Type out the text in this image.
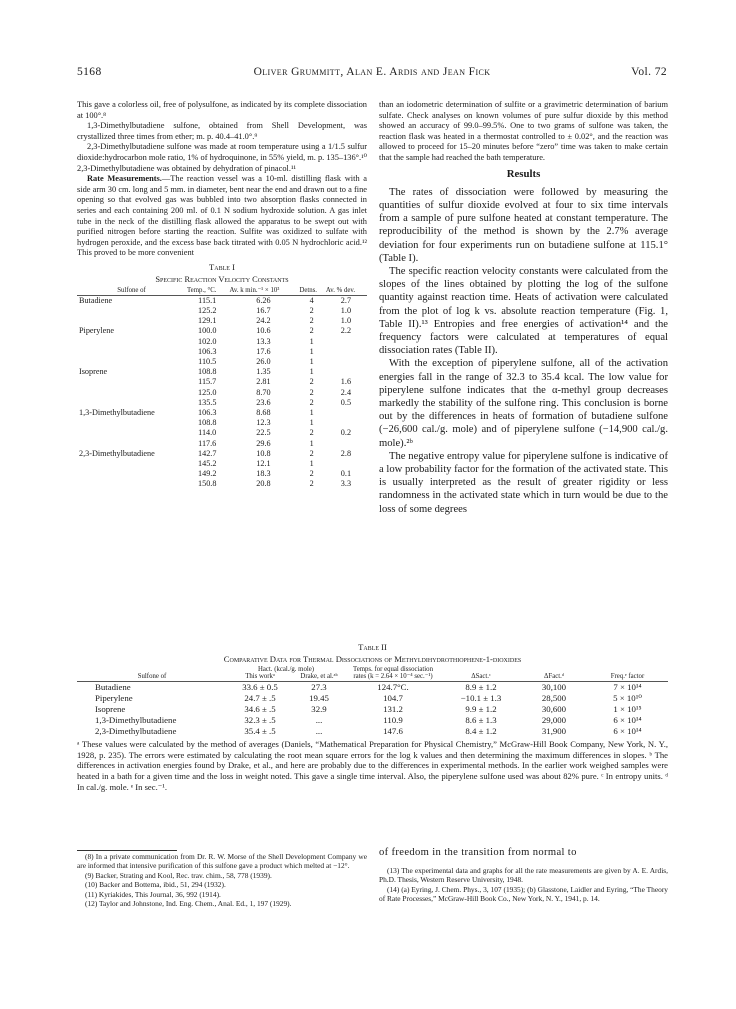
5168	Oliver Grummitt, Alan E. Ardis and Jean Fick	Vol. 72

This gave a colorless oil, free of polysulfone, as indicated by its complete dissociation at 100°.⁸

1,3-Dimethylbutadiene sulfone, obtained from Shell Development, was crystallized three times from ether; m. p. 40.4–41.0°.⁹

2,3-Dimethylbutadiene sulfone was made at room temperature using a 1/1.5 sulfur dioxide:hydrocarbon mole ratio, 1% of hydroquinone, in 55% yield, m. p. 135–136°.¹⁰ 2,3-Dimethylbutadiene was obtained by dehydration of pinacol.¹¹

Rate Measurements.—The reaction vessel was a 10-ml. distilling flask with a side arm 30 cm. long and 5 mm. in diameter, bent near the end and drawn out to a fine opening so that evolved gas was bubbled into two absorption flasks connected in series and each containing 200 ml. of 0.1 N sodium hydroxide solution. A gas inlet tube in the neck of the distilling flask allowed the apparatus to be swept out with purified nitrogen before starting the reaction. Sulfite was oxidized to sulfate with hydrogen peroxide, and the excess base back titrated with 0.05 N hydrochloric acid.¹² This proved to be more convenient

Table I
Specific Reaction Velocity Constants
Sulfone of	Temp., °C.	Av. k min.⁻¹ × 10³	Detns.	Av. % dev.
Butadiene	115.1	6.26	4	2.7
	125.2	16.7	2	1.0
	129.1	24.2	2	1.0
Piperylene	100.0	10.6	2	2.2
	102.0	13.3	1	
	106.3	17.6	1	
	110.5	26.0	1	
Isoprene	108.8	1.35	1	
	115.7	2.81	2	1.6
	125.0	8.70	2	2.4
	135.5	23.6	2	0.5
1,3-Dimethylbutadiene	106.3	8.68	1	
	108.8	12.3	1	
	114.0	22.5	2	0.2
	117.6	29.6	1	
2,3-Dimethylbutadiene	142.7	10.8	2	2.8
	145.2	12.1	1	
	149.2	18.3	2	0.1
	150.8	20.8	2	3.3

than an iodometric determination of sulfite or a gravimetric determination of barium sulfate. Check analyses on known volumes of pure sulfur dioxide by this method showed an accuracy of 99.0–99.5%. One to two grams of sulfone was taken, the reaction flask was heated in a thermostat controlled to ± 0.02°, and the reaction was allowed to proceed for 15–20 minutes before “zero” time was taken to make certain that the sample had reached the bath temperature.

Results

The rates of dissociation were followed by measuring the quantities of sulfur dioxide evolved at four to six time intervals from a sample of pure sulfone heated at constant temperature. The reproducibility of the method is shown by the 2.7% average deviation for four experiments run on butadiene sulfone at 115.1° (Table I).

The specific reaction velocity constants were calculated from the slopes of the lines obtained by plotting the log of the sulfone quantity against reaction time. Heats of activation were calculated from the plot of log k vs. absolute reaction temperature (Fig. 1, Table II).¹³ Entropies and free energies of activation¹⁴ and the frequency factors were calculated at temperatures of equal dissociation rates (Table II).

With the exception of piperylene sulfone, all of the activation energies fall in the range of 32.3 to 35.4 kcal. The low value for piperylene sulfone indicates that the α-methyl group decreases markedly the stability of the sulfone ring. This conclusion is borne out by the differences in heats of formation of butadiene sulfone (−26,600 cal./g. mole) and of piperylene sulfone (−14,900 cal./g. mole).²ᵇ

The negative entropy value for piperylene sulfone is indicative of a low probability factor for the formation of the activated state. This is usually interpreted as the result of greater rigidity or less randomness in the activated state which in turn would be due to the loss of some degrees

Table II
Comparative Data for Thermal Dissociations of Methyldihydrothiophene-1-dioxides
	Hact. (kcal./g. mole)		Temps. for equal dissociation rates (k = 2.64 × 10⁻⁴ sec.⁻¹)	ΔSact.ᶜ	ΔFact.ᵈ	Freq.ᵉ factor
Sulfone of	This workᵃ	Drake, et al.ᵃᵇ				
Butadiene	33.6 ± 0.5	27.3	124.7°C.	8.9 ± 1.2	30,100	7 × 10¹⁴
Piperylene	24.7 ± .5	19.45	104.7	−10.1 ± 1.3	28,500	5 × 10¹⁰
Isoprene	34.6 ± .5	32.9	131.2	9.9 ± 1.2	30,600	1 × 10¹⁵
1,3-Dimethylbutadiene	32.3 ± .5	...	110.9	8.6 ± 1.3	29,000	6 × 10¹⁴
2,3-Dimethylbutadiene	35.4 ± .5	...	147.6	8.4 ± 1.2	31,900	6 × 10¹⁴
ᵃ These values were calculated by the method of averages (Daniels, “Mathematical Preparation for Physical Chemistry,” McGraw-Hill Book Company, New York, N. Y., 1928, p. 235). The errors were estimated by calculating the root mean square errors for the log k values and then determining the maximum differences in slopes. ᵇ The differences in activation energies found by Drake, et al., and here are probably due to the differences in experimental methods. In the earlier work weighed samples were heated in a bath for a given time and the loss in weight noted. This gave a single time interval. Also, the piperylene sulfone used was about 82% pure. ᶜ In entropy units. ᵈ In cal./g. mole. ᵉ In sec.⁻¹.
of freedom in the transition from normal to

(8) In a private communication from Dr. R. W. Morse of the Shell Development Company we are informed that intensive purification of this sulfone gave a product which melted at −12°.

(9) Backer, Strating and Kool, Rec. trav. chim., 58, 778 (1939).

(10) Backer and Bottema, ibid., 51, 294 (1932).

(11) Kyriakides, This Journal, 36, 992 (1914).

(12) Taylor and Johnstone, Ind. Eng. Chem., Anal. Ed., 1, 197 (1929).

(13) The experimental data and graphs for all the rate measurements are given by A. E. Ardis, Ph.D. Thesis, Western Reserve University, 1948.

(14) (a) Eyring, J. Chem. Phys., 3, 107 (1935); (b) Glasstone, Laidler and Eyring, “The Theory of Rate Processes,” McGraw-Hill Book Co., New York, N. Y., 1941, p. 14.
